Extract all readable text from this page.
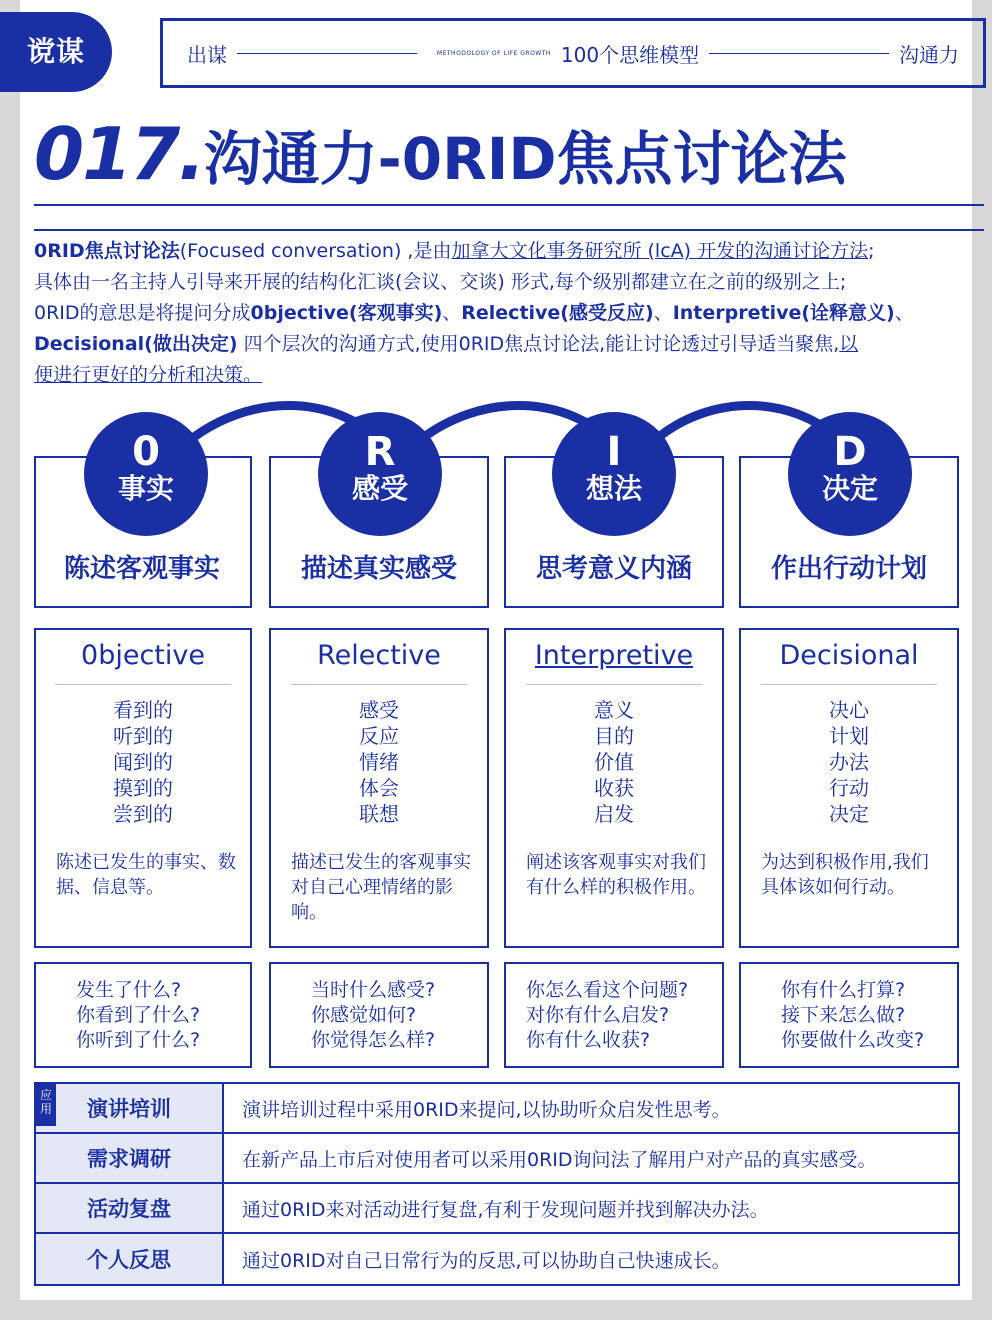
谠谋	出谋	METHODOLOGY OF LIFE GROWTH 100个思维模型	沟通力
017.沟通力-0RID焦点讨论法
0RID焦点讨论法(Focused conversation) ,是由加拿大文化事务研究所 (lcA) 开发的沟通讨论方法;
具体由一名主持人引导来开展的结构化汇谈(会议、交谈) 形式,每个级别都建立在之前的级别之上;
0RID的意思是将提问分成0bjective(客观事实)、Relective(感受反应)、Interpretive(诠释意义)、
Decisional(做出决定) 四个层次的沟通方式,使用0RID焦点讨论法,能让讨论透过引导适当聚焦,以
便进行更好的分析和决策。
0
事实
陈述客观事实
0bjective
看到的
听到的
闻到的
摸到的
尝到的
陈述已发生的事实、数据、信息等。
发生了什么?
你看到了什么?
你听到了什么?
R
感受
描述真实感受
Relective
感受
反应
情绪
体会
联想
描述已发生的客观事实对自己心理情绪的影响。
当时什么感受?
你感觉如何?
你觉得怎么样?
I
想法
思考意义内涵
Interpretive
意义
目的
价值
收获
启发
阐述该客观事实对我们有什么样的积极作用。
你怎么看这个问题?
对你有什么启发?
你有什么收获?
D
决定
作出行动计划
Decisional
决心
计划
办法
行动
决定
为达到积极作用,我们具体该如何行动。
你有什么打算?
接下来怎么做?
你要做什么改变?
演讲培训	演讲培训过程中采用0RID来提问,以协助听众启发性思考。
需求调研	在新产品上市后对使用者可以采用0RID询问法了解用户对产品的真实感受。
活动复盘	通过0RID来对活动进行复盘,有利于发现问题并找到解决办法。
个人反思	通过0RID对自己日常行为的反思,可以协助自己快速成长。
应用
